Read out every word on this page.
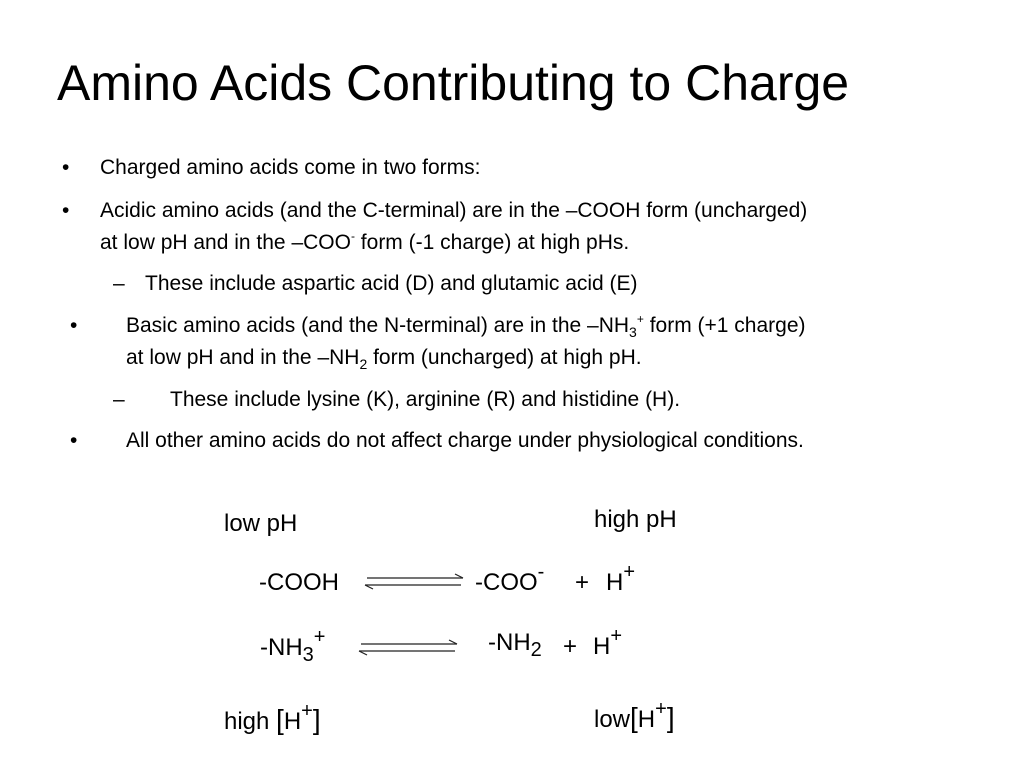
Amino Acids Contributing to Charge
• Charged amino acids come in two forms:
• Acidic amino acids (and the C-terminal) are in the –COOH form (uncharged)
at low pH and in the –COO- form (-1 charge) at high pHs.
– These include aspartic acid (D) and glutamic acid (E)
• Basic amino acids (and the N-terminal) are in the $-NH_3^+$ form (+1 charge)
at low pH and in the $-NH_2$ form (uncharged) at high pH.
– These include lysine (K), arginine (R) and histidine (H).
• All other amino acids do not affect charge under physiological conditions.
low pH	high pH
-COOH	-COO- + H+
$-NH_3^+$	$-NH_2 + H^+$
high [H+]	low[H+]
